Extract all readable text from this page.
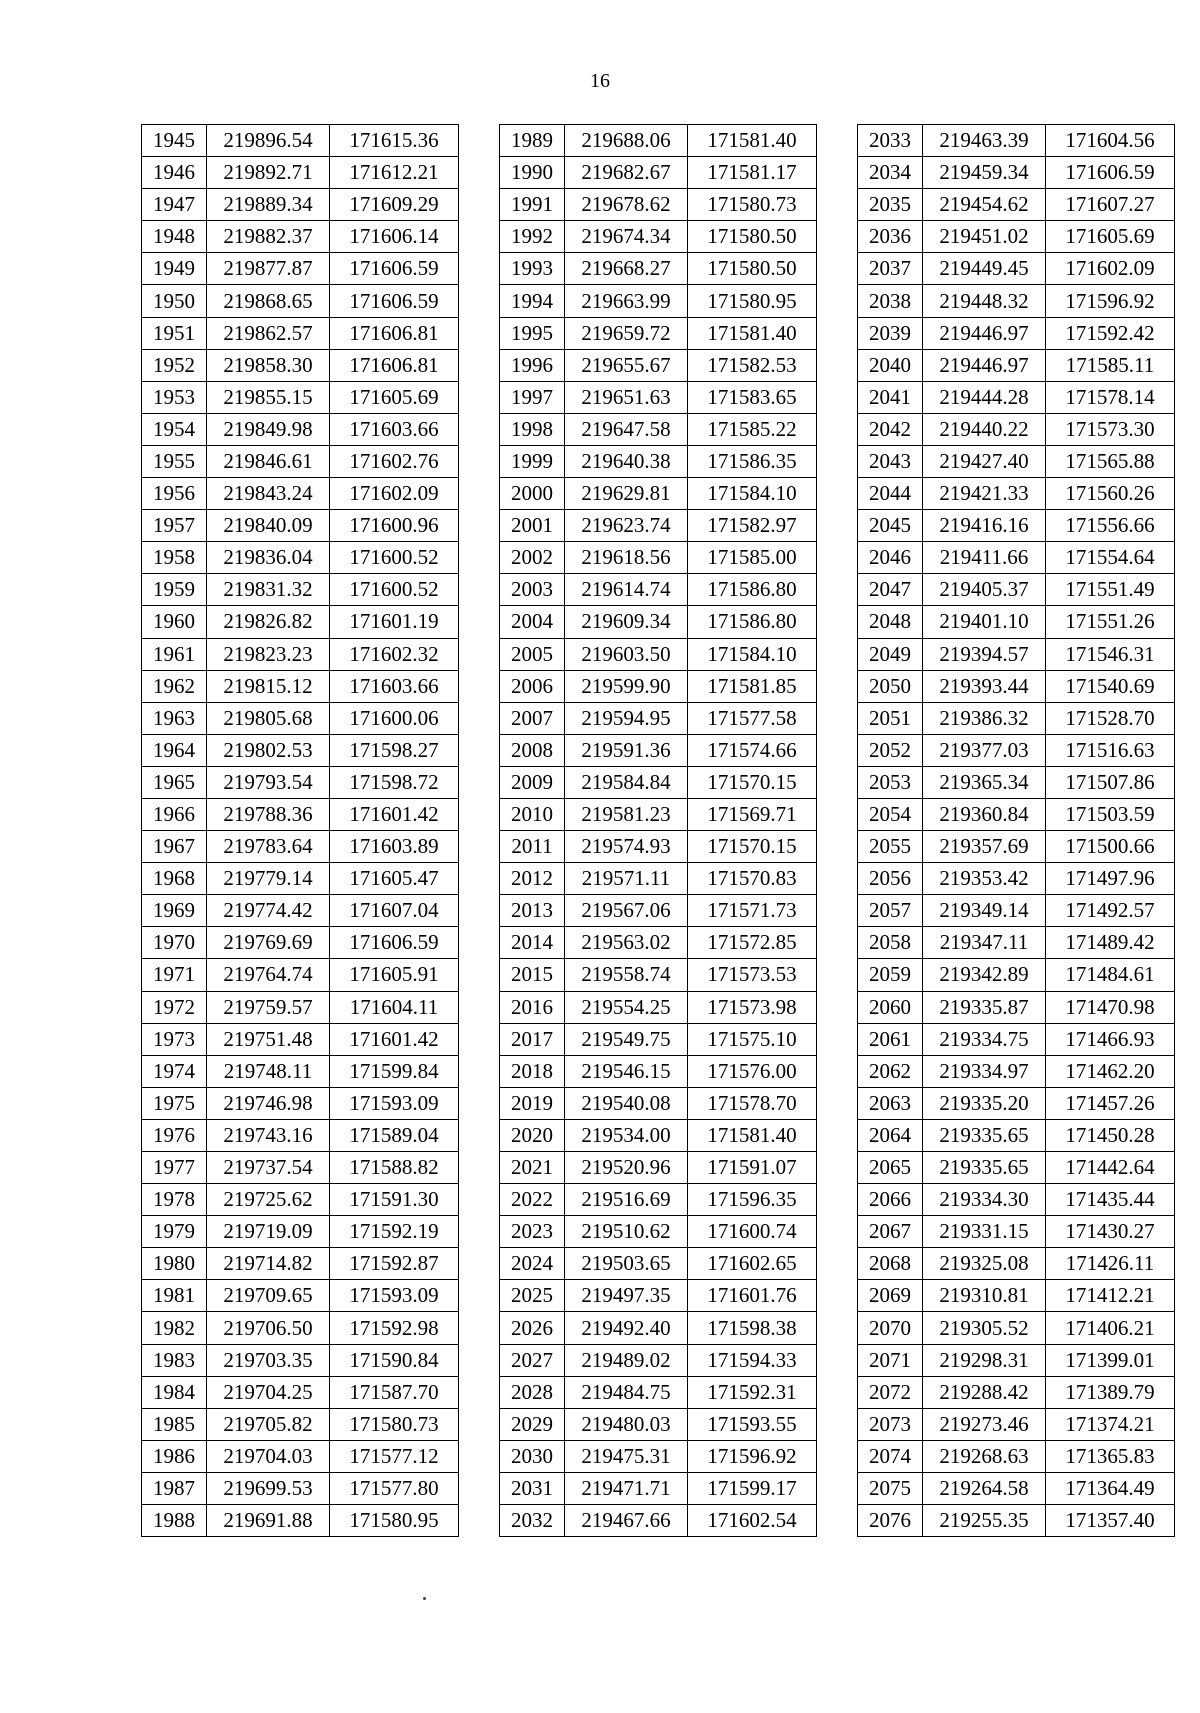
16
1945	219896.54	171615.36
1946	219892.71	171612.21
1947	219889.34	171609.29
1948	219882.37	171606.14
1949	219877.87	171606.59
1950	219868.65	171606.59
1951	219862.57	171606.81
1952	219858.30	171606.81
1953	219855.15	171605.69
1954	219849.98	171603.66
1955	219846.61	171602.76
1956	219843.24	171602.09
1957	219840.09	171600.96
1958	219836.04	171600.52
1959	219831.32	171600.52
1960	219826.82	171601.19
1961	219823.23	171602.32
1962	219815.12	171603.66
1963	219805.68	171600.06
1964	219802.53	171598.27
1965	219793.54	171598.72
1966	219788.36	171601.42
1967	219783.64	171603.89
1968	219779.14	171605.47
1969	219774.42	171607.04
1970	219769.69	171606.59
1971	219764.74	171605.91
1972	219759.57	171604.11
1973	219751.48	171601.42
1974	219748.11	171599.84
1975	219746.98	171593.09
1976	219743.16	171589.04
1977	219737.54	171588.82
1978	219725.62	171591.30
1979	219719.09	171592.19
1980	219714.82	171592.87
1981	219709.65	171593.09
1982	219706.50	171592.98
1983	219703.35	171590.84
1984	219704.25	171587.70
1985	219705.82	171580.73
1986	219704.03	171577.12
1987	219699.53	171577.80
1988	219691.88	171580.95
1989	219688.06	171581.40
1990	219682.67	171581.17
1991	219678.62	171580.73
1992	219674.34	171580.50
1993	219668.27	171580.50
1994	219663.99	171580.95
1995	219659.72	171581.40
1996	219655.67	171582.53
1997	219651.63	171583.65
1998	219647.58	171585.22
1999	219640.38	171586.35
2000	219629.81	171584.10
2001	219623.74	171582.97
2002	219618.56	171585.00
2003	219614.74	171586.80
2004	219609.34	171586.80
2005	219603.50	171584.10
2006	219599.90	171581.85
2007	219594.95	171577.58
2008	219591.36	171574.66
2009	219584.84	171570.15
2010	219581.23	171569.71
2011	219574.93	171570.15
2012	219571.11	171570.83
2013	219567.06	171571.73
2014	219563.02	171572.85
2015	219558.74	171573.53
2016	219554.25	171573.98
2017	219549.75	171575.10
2018	219546.15	171576.00
2019	219540.08	171578.70
2020	219534.00	171581.40
2021	219520.96	171591.07
2022	219516.69	171596.35
2023	219510.62	171600.74
2024	219503.65	171602.65
2025	219497.35	171601.76
2026	219492.40	171598.38
2027	219489.02	171594.33
2028	219484.75	171592.31
2029	219480.03	171593.55
2030	219475.31	171596.92
2031	219471.71	171599.17
2032	219467.66	171602.54
2033	219463.39	171604.56
2034	219459.34	171606.59
2035	219454.62	171607.27
2036	219451.02	171605.69
2037	219449.45	171602.09
2038	219448.32	171596.92
2039	219446.97	171592.42
2040	219446.97	171585.11
2041	219444.28	171578.14
2042	219440.22	171573.30
2043	219427.40	171565.88
2044	219421.33	171560.26
2045	219416.16	171556.66
2046	219411.66	171554.64
2047	219405.37	171551.49
2048	219401.10	171551.26
2049	219394.57	171546.31
2050	219393.44	171540.69
2051	219386.32	171528.70
2052	219377.03	171516.63
2053	219365.34	171507.86
2054	219360.84	171503.59
2055	219357.69	171500.66
2056	219353.42	171497.96
2057	219349.14	171492.57
2058	219347.11	171489.42
2059	219342.89	171484.61
2060	219335.87	171470.98
2061	219334.75	171466.93
2062	219334.97	171462.20
2063	219335.20	171457.26
2064	219335.65	171450.28
2065	219335.65	171442.64
2066	219334.30	171435.44
2067	219331.15	171430.27
2068	219325.08	171426.11
2069	219310.81	171412.21
2070	219305.52	171406.21
2071	219298.31	171399.01
2072	219288.42	171389.79
2073	219273.46	171374.21
2074	219268.63	171365.83
2075	219264.58	171364.49
2076	219255.35	171357.40
